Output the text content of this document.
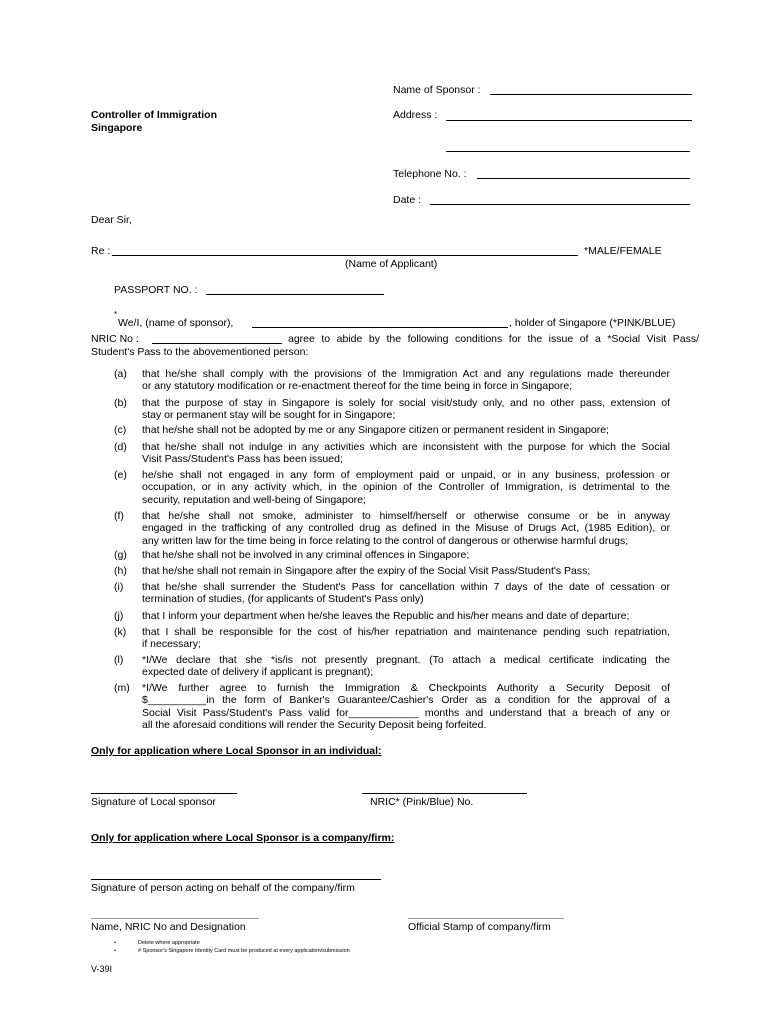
Name of Sponsor :
Controller of Immigration
Singapore
Address :
Telephone No. :
Date :
Dear Sir,
Re :	*MALE/FEMALE
(Name of Applicant)
PASSPORT NO. :
*
We/I, (name of sponsor),	, holder of Singapore (*PINK/BLUE)
NRIC No :	agree to abide by the following conditions for the issue of a *Social Visit Pass/
Student's Pass to the abovementioned person:
(a) that he/she shall comply with the provisions of the Immigration Act and any regulations made thereunder
or any statutory modification or re-enactment thereof for the time being in force in Singapore;
(b) that the purpose of stay in Singapore is solely for social visit/study only, and no other pass, extension of
stay or permanent stay will be sought for in Singapore;
(c) that he/she shall not be adopted by me or any Singapore citizen or permanent resident in Singapore;
(d) that he/she shall not indulge in any activities which are inconsistent with the purpose for which the Social
Visit Pass/Student's Pass has been issued;
(e) he/she shall not engaged in any form of employment paid or unpaid, or in any business, profession or
occupation, or in any activity which, in the opinion of the Controller of Immigration, is detrimental to the
security, reputation and well-being of Singapore;
(f) that he/she shall not smoke, administer to himself/herself or otherwise consume or be in anyway
engaged in the trafficking of any controlled drug as defined in the Misuse of Drugs Act, (1985 Edition), or
any written law for the time being in force relating to the control of dangerous or otherwise harmful drugs;
(g) that he/she shall not be involved in any criminal offences in Singapore;
(h) that he/she shall not remain in Singapore after the expiry of the Social Visit Pass/Student's Pass;
(i) that he/she shall surrender the Student's Pass for cancellation within 7 days of the date of cessation or
termination of studies, (for applicants of Student's Pass only)
(j) that I inform your department when he/she leaves the Republic and his/her means and date of departure;
(k) that I shall be responsible for the cost of his/her repatriation and maintenance pending such repatriation,
if necessary;
(l) *I/We declare that she *is/is not presently pregnant. (To attach a medical certificate indicating the
expected date of delivery if applicant is pregnant);
(m) *I/We further agree to furnish the Immigration & Checkpoints Authority a Security Deposit of
$__________in the form of Banker's Guarantee/Cashier's Order as a condition for the approval of a
Social Visit Pass/Student's Pass valid for____________ months and understand that a breach of any or
all the aforesaid conditions will render the Security Deposit being forfeited.
Only for application where Local Sponsor in an individual:
Signature of Local sponsor	NRIC* (Pink/Blue) No.
Only for application where Local Sponsor is a company/firm:
Signature of person acting on behalf of the company/firm
Name, NRIC No and Designation	Official Stamp of company/firm
•	Delete where appropriate
•	# Sponsor's Singapore Identity Card must be produced at every application/submission
V-39I
